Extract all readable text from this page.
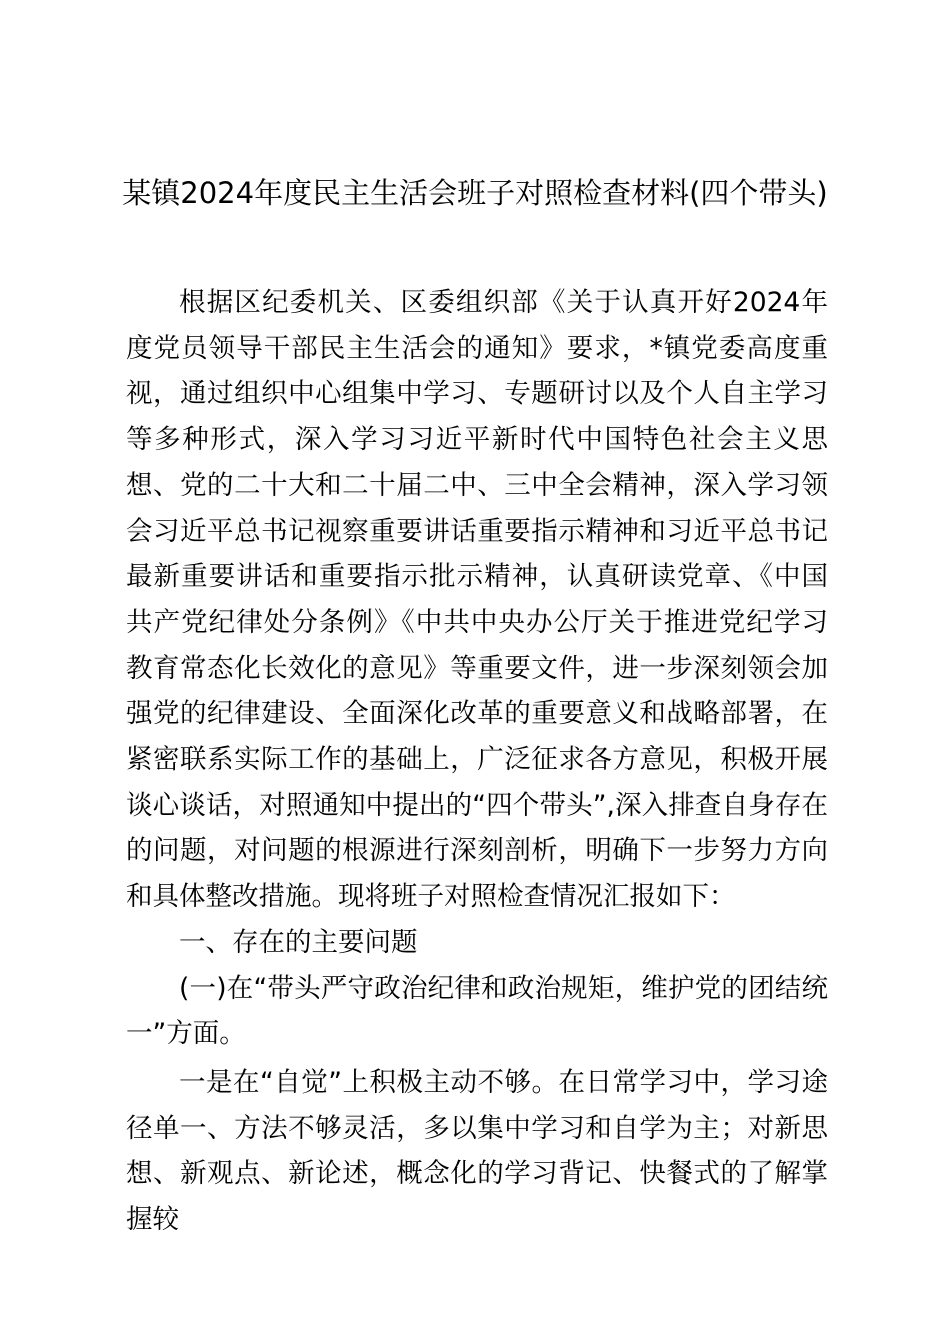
某镇2024年度民主生活会班子对照检查材料(四个带头)

根据区纪委机关、区委组织部《关于认真开好2024年度党员领导干部民主生活会的通知》要求，*镇党委高度重视，通过组织中心组集中学习、专题研讨以及个人自主学习等多种形式，深入学习习近平新时代中国特色社会主义思想、党的二十大和二十届二中、三中全会精神，深入学习领会习近平总书记视察重要讲话重要指示精神和习近平总书记最新重要讲话和重要指示批示精神，认真研读党章、《中国共产党纪律处分条例》《中共中央办公厅关于推进党纪学习教育常态化长效化的意见》等重要文件，进一步深刻领会加强党的纪律建设、全面深化改革的重要意义和战略部署，在紧密联系实际工作的基础上，广泛征求各方意见，积极开展谈心谈话，对照通知中提出的“四个带头”,深入排查自身存在的问题，对问题的根源进行深刻剖析，明确下一步努力方向和具体整改措施。现将班子对照检查情况汇报如下：

一、存在的主要问题

(一)在“带头严守政治纪律和政治规矩，维护党的团结统一”方面。

一是在“自觉”上积极主动不够。在日常学习中，学习途径单一、方法不够灵活，多以集中学习和自学为主；对新思想、新观点、新论述，概念化的学习背记、快餐式的了解掌握较
